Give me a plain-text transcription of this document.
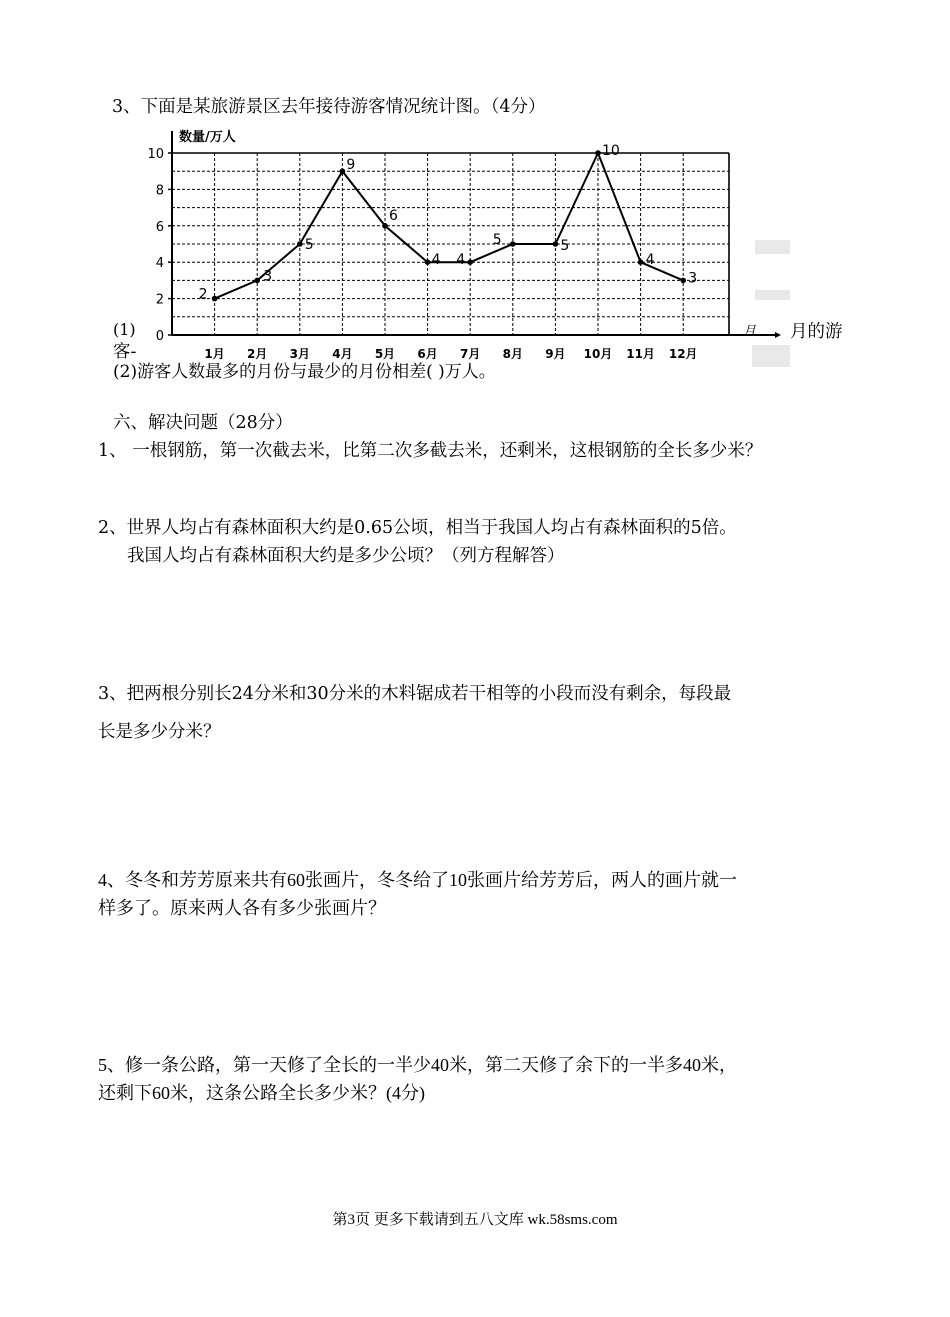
3、下面是某旅游景区去年接待游客情况统计图。（4分）
数量/万人
月
0
2
4
6
8
10
1月 2月 3月 4月 5月 6月 7月 8月 9月 10月 11月 12月
2
3
5
9
6
4 4
5	5
10
4
3
(1)	月的游
客-
(2)游客人数最多的月份与最少的月份相差( )万人。
六、解决问题（28分）
1、 一根钢筋，第一次截去米，比第二次多截去米，还剩米，这根钢筋的全长多少米？
2、世界人均占有森林面积大约是0.65公顷，相当于我国人均占有森林面积的5倍。
我国人均占有森林面积大约是多少公顷？（列方程解答）
3、把两根分别长24分米和30分米的木料锯成若干相等的小段而没有剩余，每段最
长是多少分米？
4、冬冬和芳芳原来共有60张画片，冬冬给了10张画片给芳芳后，两人的画片就一
样多了。原来两人各有多少张画片？
5、修一条公路，第一天修了全长的一半少40米，第二天修了余下的一半多40米，
还剩下60米，这条公路全长多少米？(4分)
第3页 更多下载请到五八文库 wk.58sms.com
